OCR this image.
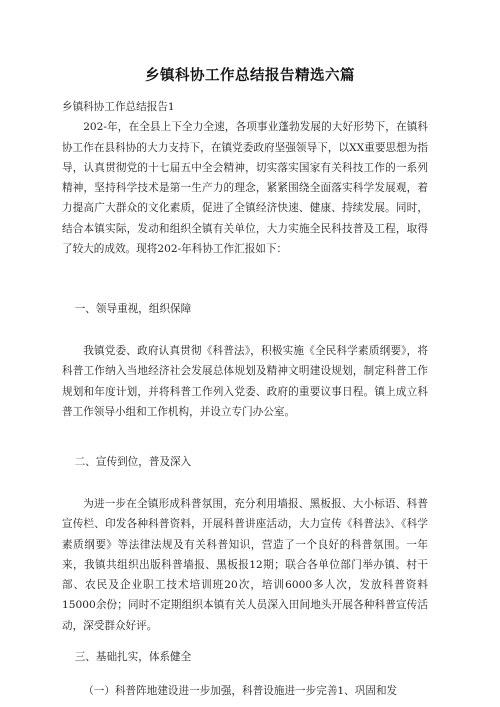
乡镇科协工作总结报告精选六篇

乡镇科协工作总结报告1

202-年，在全县上下全力全速，各项事业蓬勃发展的大好形势下，在镇科协工作在县科协的大力支持下，在镇党委政府坚强领导下，以XX重要思想为指导，认真贯彻党的十七届五中全会精神，切实落实国家有关科技工作的一系列精神，坚持科学技术是第一生产力的理念，紧紧围绕全面落实科学发展观，着力提高广大群众的文化素质，促进了全镇经济快速、健康、持续发展。同时，结合本镇实际，发动和组织全镇有关单位，大力实施全民科技普及工程，取得了较大的成效。现将202-年科协工作汇报如下：

一、领导重视，组织保障

我镇党委、政府认真贯彻《科普法》，积极实施《全民科学素质纲要》，将科普工作纳入当地经济社会发展总体规划及精神文明建设规划，制定科普工作规划和年度计划，并将科普工作列入党委、政府的重要议事日程。镇上成立科普工作领导小组和工作机构，并设立专门办公室。

二、宣传到位，普及深入

为进一步在全镇形成科普氛围，充分利用墙报、黑板报、大小标语、科普宣传栏、印发各种科普资料，开展科普讲座活动，大力宣传《科普法》、《科学素质纲要》等法律法规及有关科普知识，营造了一个良好的科普氛围。一年来，我镇共组织出版科普墙报、黑板报12期；联合各单位部门举办镇、村干部、农民及企业职工技术培训班20次，培训6000多人次，发放科普资料15000余份；同时不定期组织本镇有关人员深入田间地头开展各种科普宣传活动，深受群众好评。

三、基础扎实，体系健全

（一）科普阵地建设进一步加强，科普设施进一步完善1、巩固和发
